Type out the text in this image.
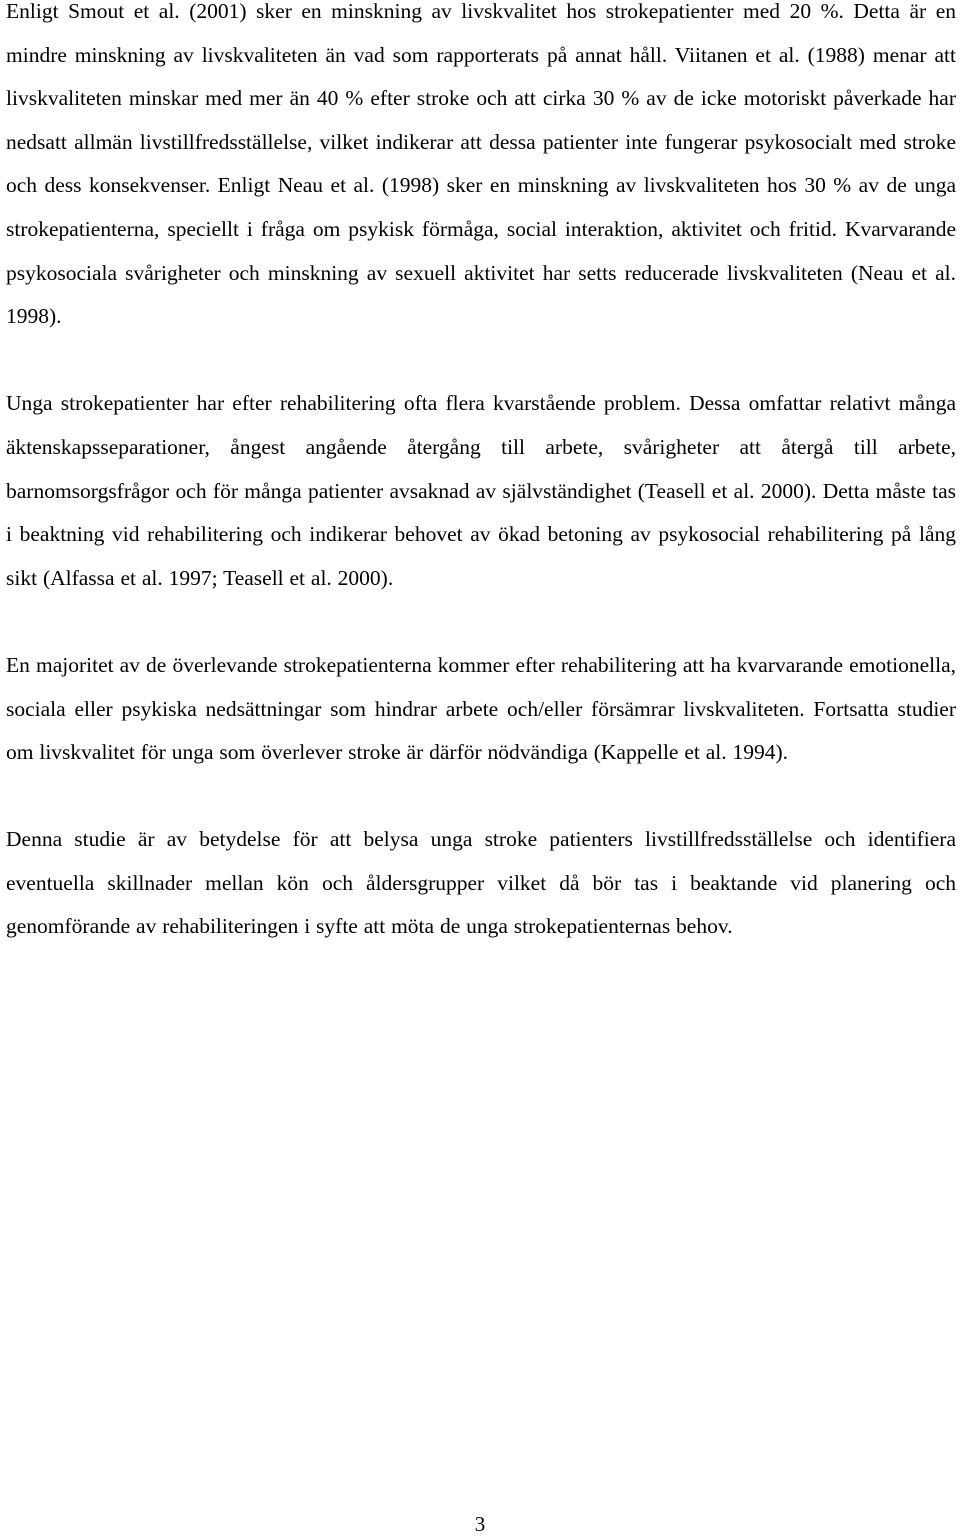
Enligt Smout et al. (2001) sker en minskning av livskvalitet hos strokepatienter med 20 %. Detta är en mindre minskning av livskvaliteten än vad som rapporterats på annat håll. Viitanen et al. (1988) menar att livskvaliteten minskar med mer än 40 % efter stroke och att cirka 30 % av de icke motoriskt påverkade har nedsatt allmän livstillfredsställelse, vilket indikerar att dessa patienter inte fungerar psykosocialt med stroke och dess konsekvenser. Enligt Neau et al. (1998) sker en minskning av livskvaliteten hos 30 % av de unga strokepatienterna, speciellt i fråga om psykisk förmåga, social interaktion, aktivitet och fritid. Kvarvarande psykosociala svårigheter och minskning av sexuell aktivitet har setts reducerade livskvaliteten (Neau et al. 1998).

Unga strokepatienter har efter rehabilitering ofta flera kvarstående problem. Dessa omfattar relativt många äktenskapsseparationer, ångest angående återgång till arbete, svårigheter att återgå till arbete, barnomsorgsfrågor och för många patienter avsaknad av självständighet (Teasell et al. 2000). Detta måste tas i beaktning vid rehabilitering och indikerar behovet av ökad betoning av psykosocial rehabilitering på lång sikt (Alfassa et al. 1997; Teasell et al. 2000).

En majoritet av de överlevande strokepatienterna kommer efter rehabilitering att ha kvarvarande emotionella, sociala eller psykiska nedsättningar som hindrar arbete och/eller försämrar livskvaliteten. Fortsatta studier om livskvalitet för unga som överlever stroke är därför nödvändiga (Kappelle et al. 1994).

Denna studie är av betydelse för att belysa unga stroke patienters livstillfredsställelse och identifiera eventuella skillnader mellan kön och åldersgrupper vilket då bör tas i beaktande vid planering och genomförande av rehabiliteringen i syfte att möta de unga strokepatienternas behov.

3
